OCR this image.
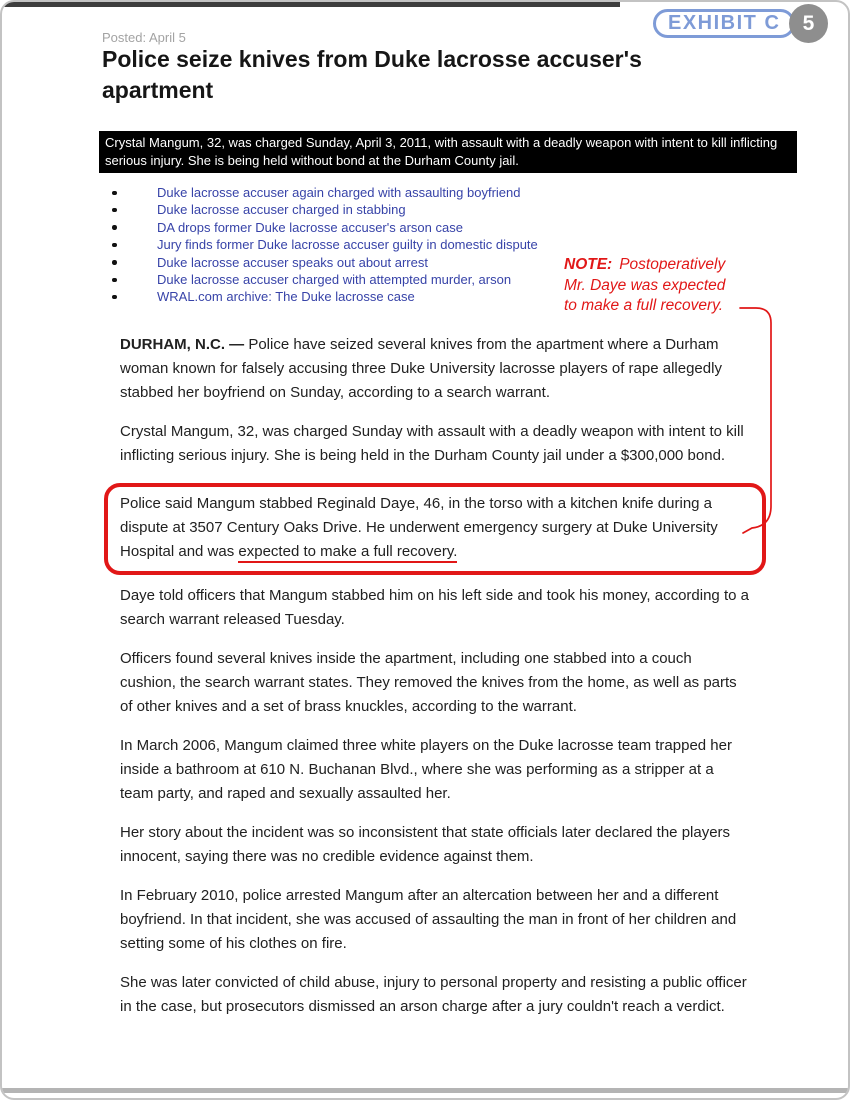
EXHIBIT C 5
Posted: April 5
Police seize knives from Duke lacrosse accuser's apartment
Crystal Mangum, 32, was charged Sunday, April 3, 2011, with assault with a deadly weapon with intent to kill inflicting serious injury. She is being held without bond at the Durham County jail.
Duke lacrosse accuser again charged with assaulting boyfriend
Duke lacrosse accuser charged in stabbing
DA drops former Duke lacrosse accuser's arson case
Jury finds former Duke lacrosse accuser guilty in domestic dispute
Duke lacrosse accuser speaks out about arrest
Duke lacrosse accuser charged with attempted murder, arson
WRAL.com archive: The Duke lacrosse case
NOTE: Postoperatively
Mr. Daye was expected
to make a full recovery.

DURHAM, N.C. — Police have seized several knives from the apartment where a Durham woman known for falsely accusing three Duke University lacrosse players of rape allegedly stabbed her boyfriend on Sunday, according to a search warrant.

Crystal Mangum, 32, was charged Sunday with assault with a deadly weapon with intent to kill inflicting serious injury. She is being held in the Durham County jail under a $300,000 bond.

Police said Mangum stabbed Reginald Daye, 46, in the torso with a kitchen knife during a dispute at 3507 Century Oaks Drive. He underwent emergency surgery at Duke University Hospital and was expected to make a full recovery.

Daye told officers that Mangum stabbed him on his left side and took his money, according to a search warrant released Tuesday.

Officers found several knives inside the apartment, including one stabbed into a couch cushion, the search warrant states. They removed the knives from the home, as well as parts of other knives and a set of brass knuckles, according to the warrant.

In March 2006, Mangum claimed three white players on the Duke lacrosse team trapped her inside a bathroom at 610 N. Buchanan Blvd., where she was performing as a stripper at a team party, and raped and sexually assaulted her.

Her story about the incident was so inconsistent that state officials later declared the players innocent, saying there was no credible evidence against them.

In February 2010, police arrested Mangum after an altercation between her and a different boyfriend. In that incident, she was accused of assaulting the man in front of her children and setting some of his clothes on fire.

She was later convicted of child abuse, injury to personal property and resisting a public officer in the case, but prosecutors dismissed an arson charge after a jury couldn't reach a verdict.
